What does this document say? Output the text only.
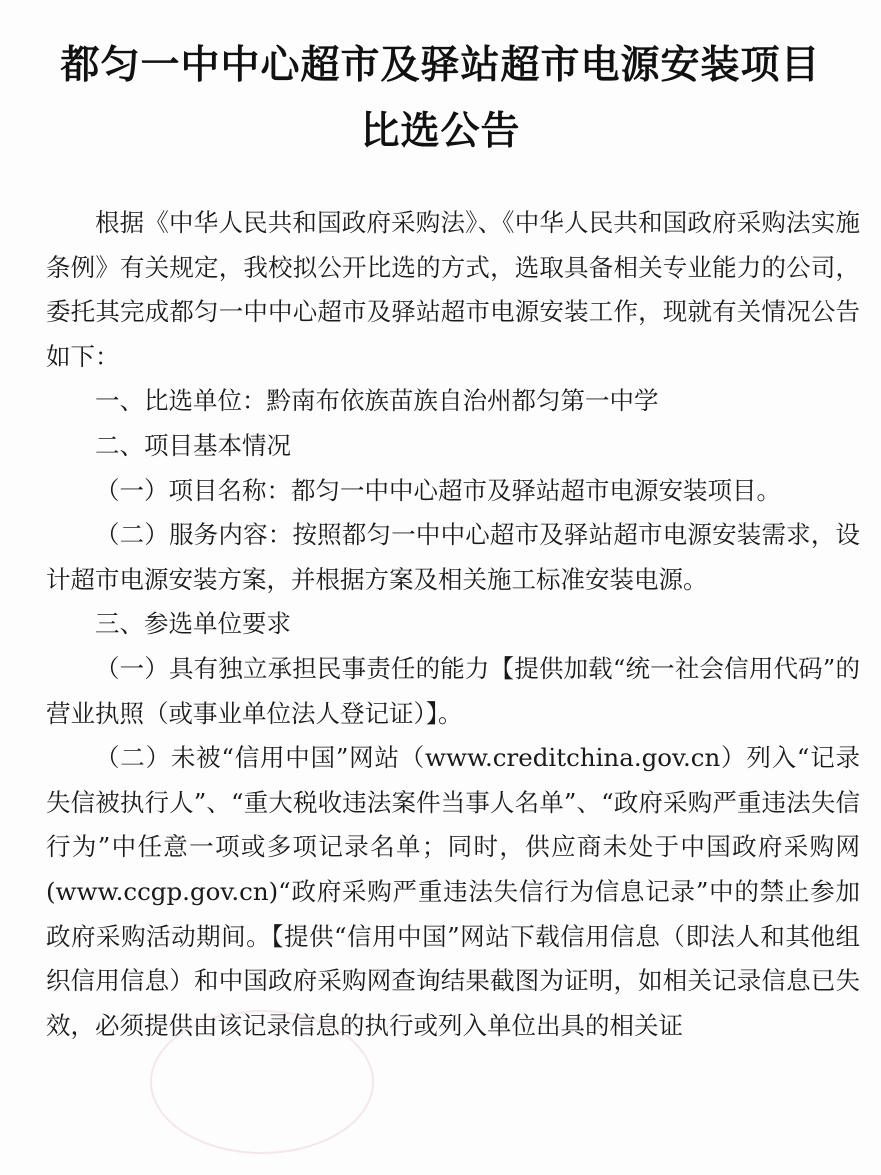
都匀一中中心超市及驿站超市电源安装项目
比选公告

根据《中华人民共和国政府采购法》、《中华人民共和国政府采购法实施条例》有关规定，我校拟公开比选的方式，选取具备相关专业能力的公司，委托其完成都匀一中中心超市及驿站超市电源安装工作，现就有关情况公告如下：

一、比选单位：黔南布依族苗族自治州都匀第一中学

二、项目基本情况

（一）项目名称：都匀一中中心超市及驿站超市电源安装项目。

（二）服务内容：按照都匀一中中心超市及驿站超市电源安装需求，设计超市电源安装方案，并根据方案及相关施工标准安装电源。

三、参选单位要求

（一）具有独立承担民事责任的能力【提供加载“统一社会信用代码”的营业执照（或事业单位法人登记证）】。

（二）未被“信用中国”网站（www.creditchina.gov.cn）列入“记录失信被执行人”、“重大税收违法案件当事人名单”、“政府采购严重违法失信行为”中任意一项或多项记录名单；同时，供应商未处于中国政府采购网(www.ccgp.gov.cn)“政府采购严重违法失信行为信息记录”中的禁止参加政府采购活动期间。【提供“信用中国”网站下载信用信息（即法人和其他组织信用信息）和中国政府采购网查询结果截图为证明，如相关记录信息已失效，必须提供由该记录信息的执行或列入单位出具的相关证
